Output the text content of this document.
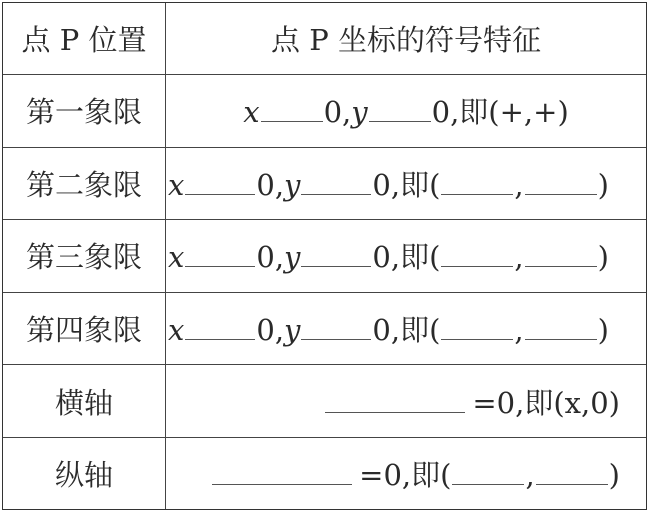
点 P 位置	点 P 坐标的符号特征
第一象限	x 0,y 0,即(+,+)
第二象限	x 0,y 0,即( , )
第三象限	x 0,y 0,即( , )
第四象限	x 0,y 0,即( , )
横轴	=0,即(x,0)
纵轴	=0,即( , )
